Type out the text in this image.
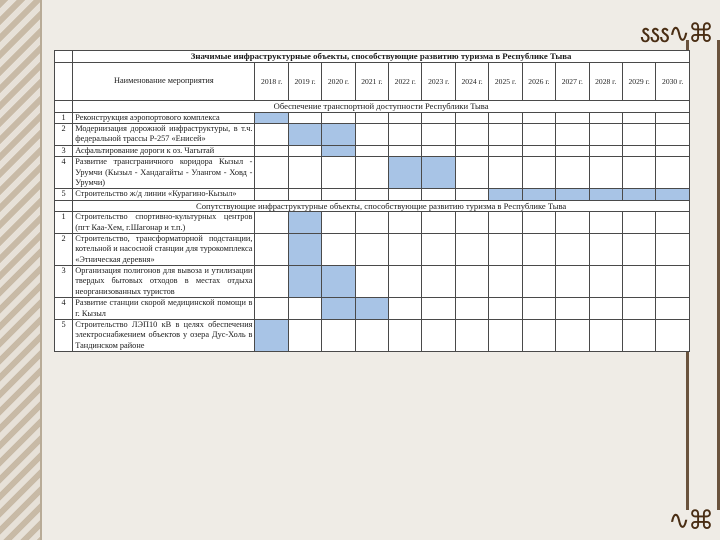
🝜∿⌘
∿⌘
	Значимые инфраструктурные объекты, способствующие развитию туризма в Республике Тыва													
	Наименование мероприятия	2018 г.	2019 г.	2020 г.	2021 г.	2022 г.	2023 г.	2024 г.	2025 г.	2026 г.	2027 г.	2028 г.	2029 г.	2030 г.
	Обеспечение транспортной доступности Республики Тыва													
1	Реконструкция аэропортового комплекса													
2	Модернизация дорожной инфраструктуры, в т.ч. федеральной трассы Р-257 «Енисей»													
3	Асфальтирование дороги к оз. Чагытай													
4	Развитие трансграничного коридора Кызыл - Урумчи (Кызыл - Хандагайты - Улангом - Ховд - Урумчи)													
5	Строительство ж/д линии «Курагино-Кызыл»													
	Сопутствующие инфраструктурные объекты, способствующие развитию туризма в Республике Тыва													
1	Строительство спортивно-культурных центров (пгт Каа-Хем, г.Шагонар и т.п.)													
2	Строительство, трансформаторной подстанции, котельной и насосной станции для турокомплекса «Этническая деревня»													
3	Организация полигонов для вывоза и утилизации твердых бытовых отходов в местах отдыха неорганизованных туристов													
4	Развитие станции скорой медицинской помощи в г. Кызыл													
5	Строительство ЛЭП10 кВ в целях обеспечения электроснабжением объектов у озера Дус-Холь в Тандинском районе													
